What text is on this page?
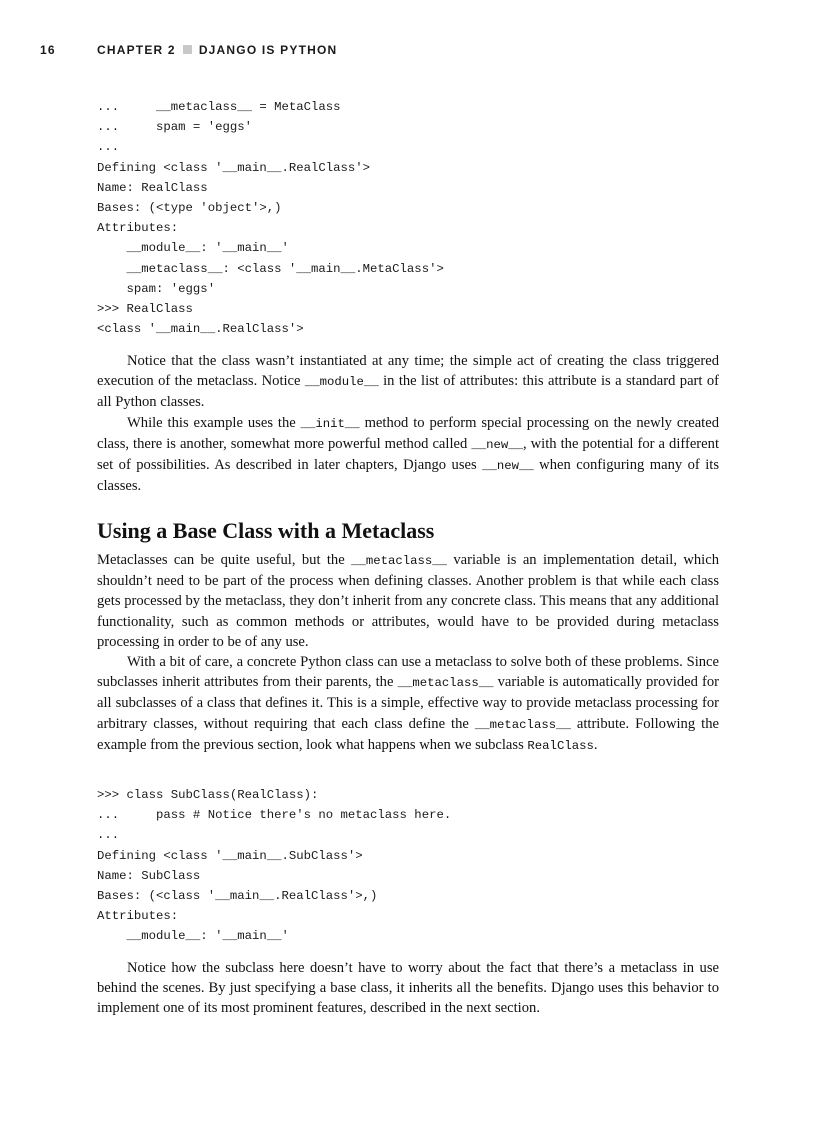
16	CHAPTER 2 DJANGO IS PYTHON
...     __metaclass__ = MetaClass
...     spam = 'eggs'
...
Defining <class '__main__.RealClass'>
Name: RealClass
Bases: (<type 'object'>,)
Attributes:
__module__: '__main__'
__metaclass__: <class '__main__.MetaClass'>
spam: 'eggs'
>>> RealClass
<class '__main__.RealClass'>

Notice that the class wasn’t instantiated at any time; the simple act of creating the class triggered execution of the metaclass. Notice __module__ in the list of attributes: this attribute is a standard part of all Python classes.

While this example uses the __init__ method to perform special processing on the newly created class, there is another, somewhat more powerful method called __new__, with the potential for a different set of possibilities. As described in later chapters, Django uses __new__ when configuring many of its classes.

Using a Base Class with a Metaclass

Metaclasses can be quite useful, but the __metaclass__ variable is an implementation detail, which shouldn’t need to be part of the process when defining classes. Another problem is that while each class gets processed by the metaclass, they don’t inherit from any concrete class. This means that any additional functionality, such as common methods or attributes, would have to be provided during metaclass processing in order to be of any use.

With a bit of care, a concrete Python class can use a metaclass to solve both of these problems. Since subclasses inherit attributes from their parents, the __metaclass__ variable is automatically provided for all subclasses of a class that defines it. This is a simple, effective way to provide metaclass processing for arbitrary classes, without requiring that each class define the __metaclass__ attribute. Following the example from the previous section, look what happens when we subclass RealClass.

>>> class SubClass(RealClass):
...     pass # Notice there's no metaclass here.
...
Defining <class '__main__.SubClass'>
Name: SubClass
Bases: (<class '__main__.RealClass'>,)
Attributes:
__module__: '__main__'

Notice how the subclass here doesn’t have to worry about the fact that there’s a metaclass in use behind the scenes. By just specifying a base class, it inherits all the benefits. Django uses this behavior to implement one of its most prominent features, described in the next section.
